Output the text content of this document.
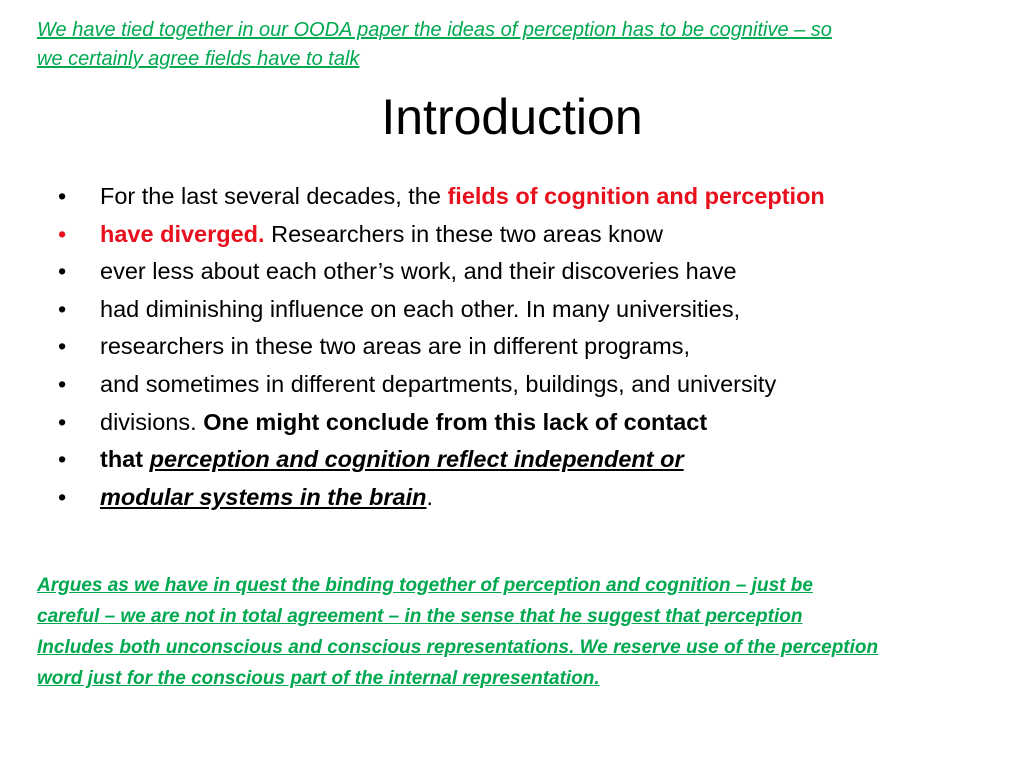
We have tied together in our OODA paper the ideas of perception has to be cognitive – so
we certainly agree fields have to talk
Introduction
•	For the last several decades, the fields of cognition and perception
•	have diverged. Researchers in these two areas know
•	ever less about each other’s work, and their discoveries have
•	had diminishing influence on each other. In many universities,
•	researchers in these two areas are in different programs,
•	and sometimes in different departments, buildings, and university
•	divisions. One might conclude from this lack of contact
•	that perception and cognition reflect independent or
•	modular systems in the brain.
Argues as we have in quest the binding together of perception and cognition – just be
careful – we are not in total agreement – in the sense that he suggest that perception
Includes both unconscious and conscious representations. We reserve use of the perception
word just for the conscious part of the internal representation.
